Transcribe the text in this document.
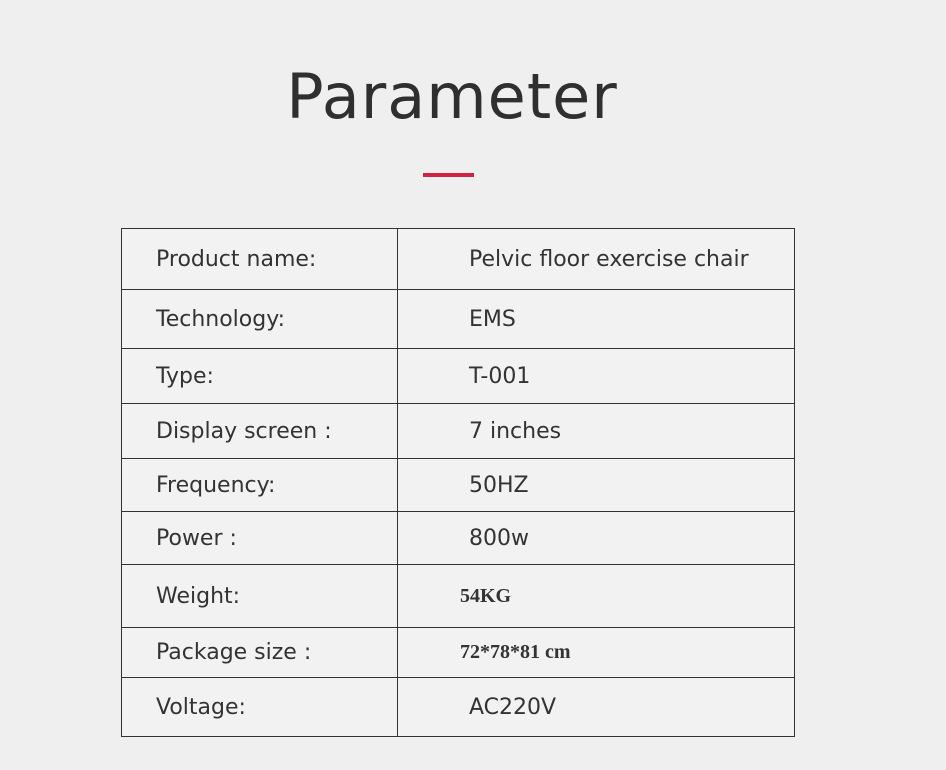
Parameter
Product name:	Pelvic floor exercise chair
Technology:	EMS
Type:	T-001
Display screen :	7 inches
Frequency:	50HZ
Power :	800w
Weight:	54KG
Package size :	72*78*81 cm
Voltage:	AC220V
